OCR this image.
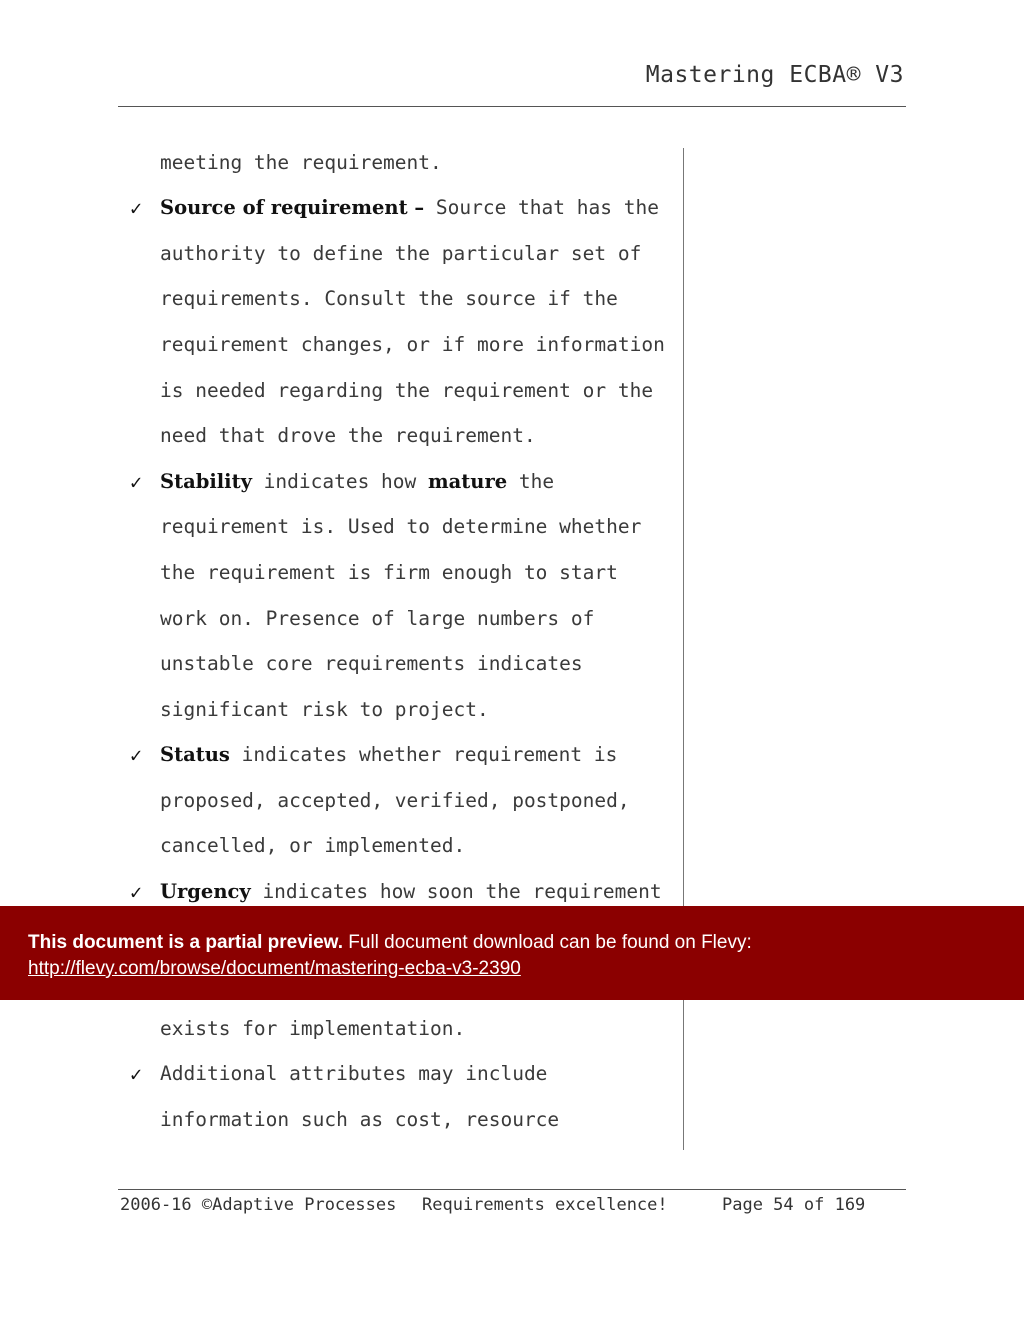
Mastering ECBA® V3
meeting the requirement.
✓ Source of requirement – Source that has the
authority to define the particular set of
requirements. Consult the source if the
requirement changes, or if more information
is needed regarding the requirement or the
need that drove the requirement.
✓ Stability indicates how mature the
requirement is. Used to determine whether
the requirement is firm enough to start
work on. Presence of large numbers of
unstable core requirements indicates
significant risk to project.
✓ Status indicates whether requirement is
proposed, accepted, verified, postponed,
cancelled, or implemented.
✓ Urgency indicates how soon the requirement
exists for implementation.
✓ Additional attributes may include
information such as cost, resource
This document is a partial preview. Full document download can be found on Flevy:
http://flevy.com/browse/document/mastering-ecba-v3-2390
2006-16 ©Adaptive Processes Requirements excellence!	Page 54 of 169
